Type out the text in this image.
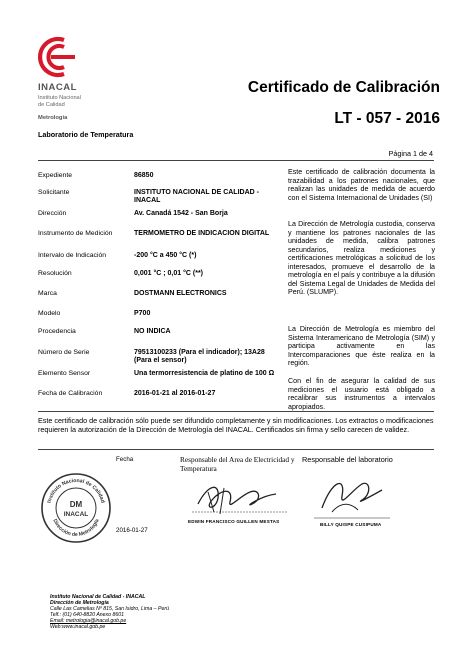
INACAL
Instituto Nacional
de Calidad
Metrología
Certificado de Calibración
LT - 057 - 2016
Laboratorio de Temperatura
Página 1 de 4
Expediente	86850
Solicitante	INSTITUTO NACIONAL DE CALIDAD - INACAL
Dirección	Av. Canadá 1542 - San Borja
Instrumento de Medición	TERMOMETRO DE INDICACION DIGITAL
Intervalo de Indicación	-200 °C a 450 °C (*)
Resolución	0,001 °C ; 0,01 °C (**)
Marca	DOSTMANN ELECTRONICS
Modelo	P700
Procedencia	NO INDICA
Número de Serie	79513100233 (Para el indicador); 13A28 (Para el sensor)
Elemento Sensor	Una termorresistencia de platino de 100 Ω
Fecha de Calibración	2016-01-21 al 2016-01-27
Este certificado de calibración documenta la trazabilidad a los patrones nacionales, que realizan las unidades de medida de acuerdo con el Sistema Internacional de Unidades (SI)
La Dirección de Metrología custodia, conserva y mantiene los patrones nacionales de las unidades de medida, calibra patrones secundarios, realiza mediciones y certificaciones metrológicas a solicitud de los interesados, promueve el desarrollo de la metrología en el país y contribuye a la difusión del Sistema Legal de Unidades de Medida del Perú. (SLUMP).
La Dirección de Metrología es miembro del Sistema Interamericano de Metrología (SIM) y participa activamente en las Intercomparaciones que éste realiza en la región.
Con el fin de asegurar la calidad de sus mediciones el usuario está obligado a recalibrar sus instrumentos a intervalos apropiados.
Este certificado de calibración sólo puede ser difundido completamente y sin modificaciones. Los extractos o modificaciones requieren la autorización de la Dirección de Metrología del INACAL. Certificados sin firma y sello carecen de validez.
Fecha	Responsable del Area de Electricidad y Temperatura
Responsable del laboratorio
Instituto Nacional de Calidad
Dirección de Metrología
DM
INACAL
2016-01-27
EDWIN FRANCISCO GUILLEN MESTAS
BILLY QUISPE CUSIPUMA
Instituto Nacional de Calidad - INACAL
Dirección de Metrología
Calle Las Camelias Nº 815, San Isidro, Lima – Perú
Telf.: (01) 640-8820 Anexo 8601
Email: metrologia@inacal.gob.pe
Web:www.inacal.gob.pe
